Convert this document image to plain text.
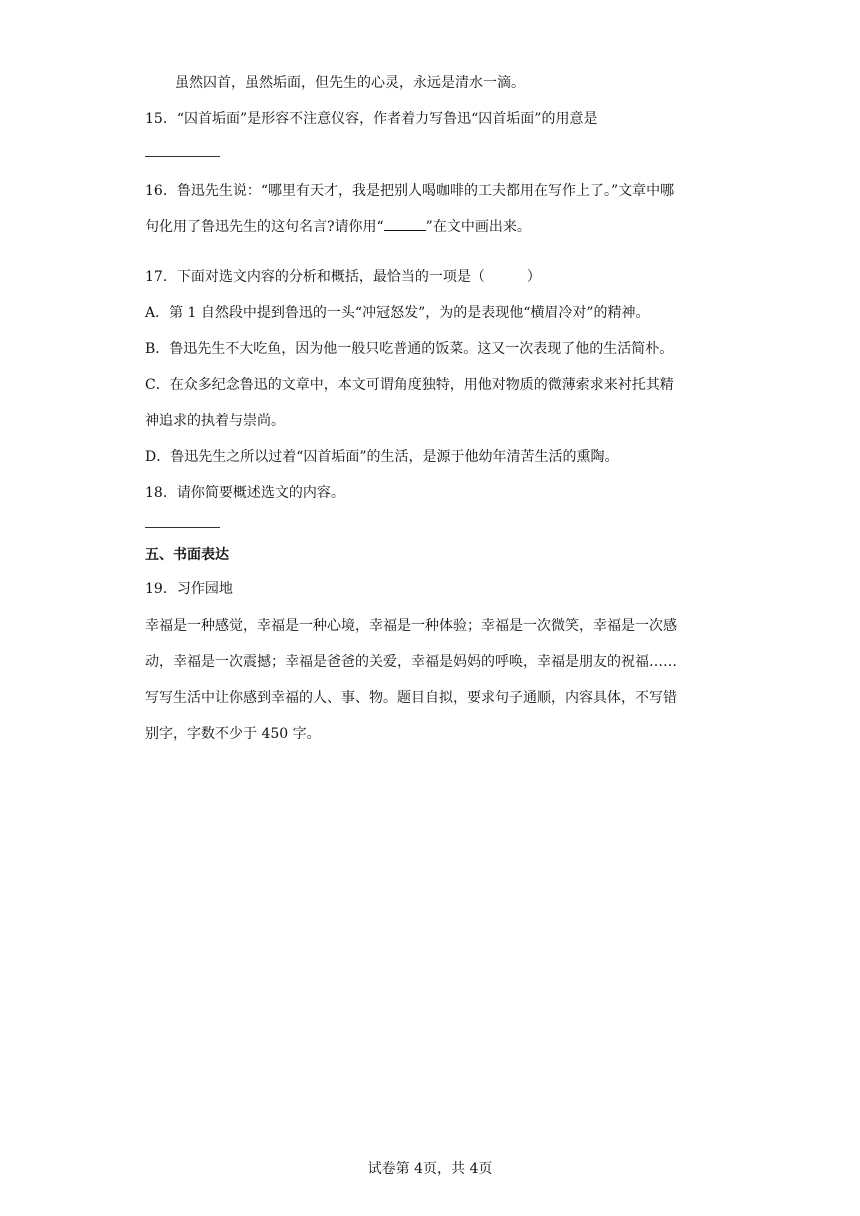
虽然囚首，虽然垢面，但先生的心灵，永远是清水一滴。
15．“囚首垢面”是形容不注意仪容，作者着力写鲁迅“囚首垢面”的用意是
16．鲁迅先生说：“哪里有天才，我是把别人喝咖啡的工夫都用在写作上了。”文章中哪
句化用了鲁迅先生的这句名言?请你用“	”在文中画出来。
17．下面对选文内容的分析和概括，最恰当的一项是（	）
A．第 1 自然段中提到鲁迅的一头“冲冠怒发”，为的是表现他“横眉冷对”的精神。
B．鲁迅先生不大吃鱼，因为他一般只吃普通的饭菜。这又一次表现了他的生活简朴。
C．在众多纪念鲁迅的文章中，本文可谓角度独特，用他对物质的微薄索求来衬托其精
神追求的执着与崇尚。
D．鲁迅先生之所以过着“囚首垢面”的生活，是源于他幼年清苦生活的熏陶。
18．请你简要概述选文的内容。
五、书面表达
19．习作园地
幸福是一种感觉，幸福是一种心境，幸福是一种体验；幸福是一次微笑，幸福是一次感
动，幸福是一次震撼；幸福是爸爸的关爱，幸福是妈妈的呼唤，幸福是朋友的祝福……
写写生活中让你感到幸福的人、事、物。题目自拟，要求句子通顺，内容具体，不写错
别字，字数不少于 450 字。
试卷第 4页，共 4页
